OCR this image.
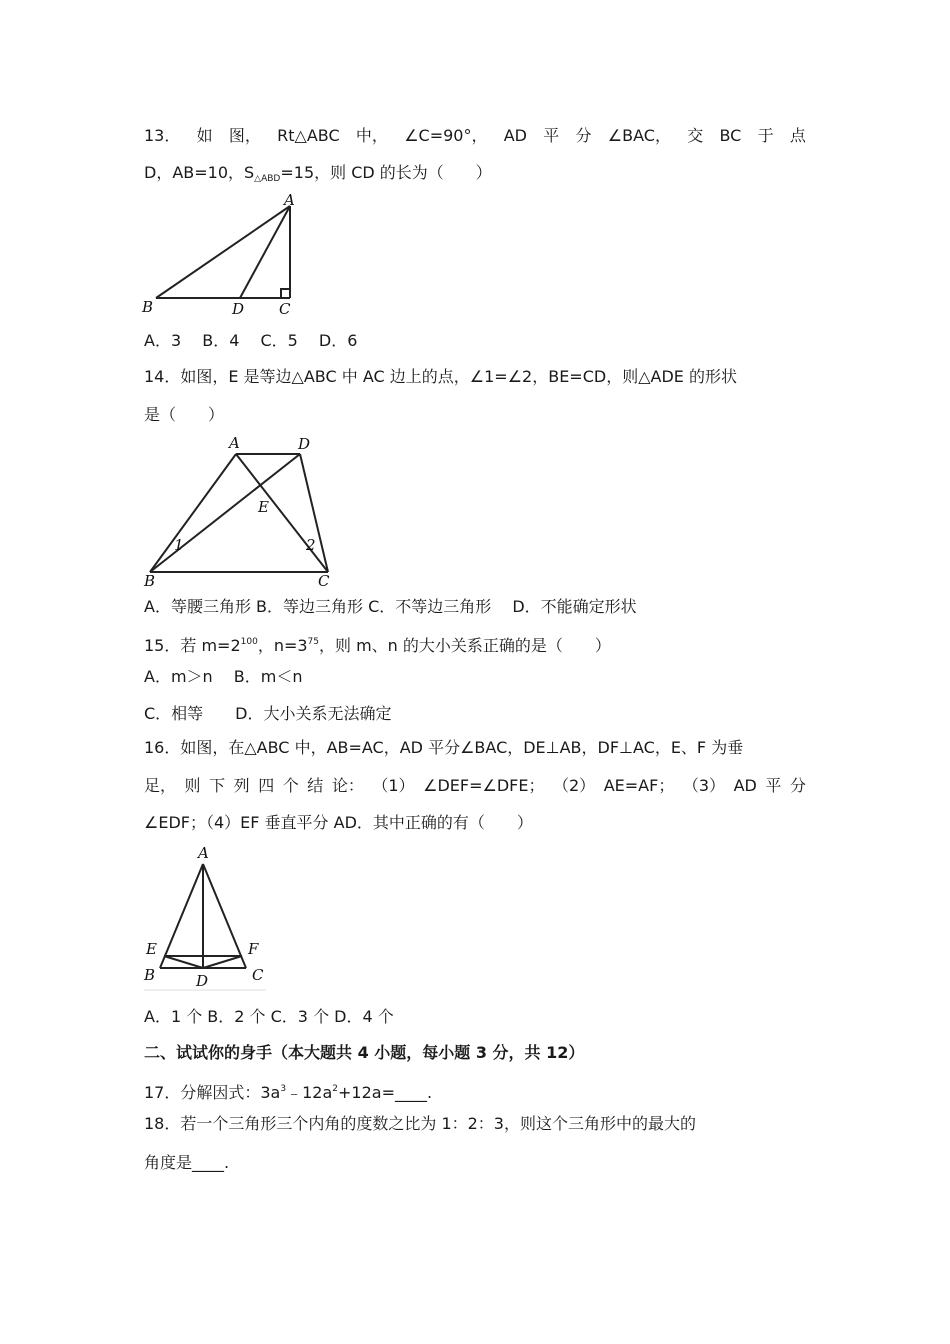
13． 如 图， Rt△ABC 中， ∠C=90°， AD 平 分 ∠BAC， 交 BC 于 点
D，AB=10，$S_{\triangle ABD}=15$，则 CD 的长为（　　）
A
B	D C
A．3　 B．4　 C．5　 D．6
14．如图，E 是等边△ABC 中 AC 边上的点，∠1=∠2，BE=CD，则△ADE 的形状
是（　　）
A	D
E
1	2
B	C
A．等腰三角形 B．等边三角形 C．不等边三角形　 D．不能确定形状
15．若 $m=2^{100}$，$n=3^{75}$，则 m、n 的大小关系正确的是（　　）
A．m＞n　 B．m＜n
C．相等　　D．大小关系无法确定
16．如图，在△ABC 中，AB=AC，AD 平分∠BAC，DE⊥AB，DF⊥AC，E、F 为垂
足， 则 下 列 四 个 结 论： （1） ∠DEF=∠DFE； （2） AE=AF； （3） AD 平 分
∠EDF；（4）EF 垂直平分 AD．其中正确的有（　　）
A
E	F
B	C
D
A．1 个 B．2 个 C．3 个 D．4 个
二、试试你的身手（本大题共 4 小题，每小题 3 分，共 12）
17．分解因式：$3a^3﹣12a^2+12a=\_\_\_\_$.
18．若一个三角形三个内角的度数之比为 1：2：3，则这个三角形中的最大的
角度是____.
